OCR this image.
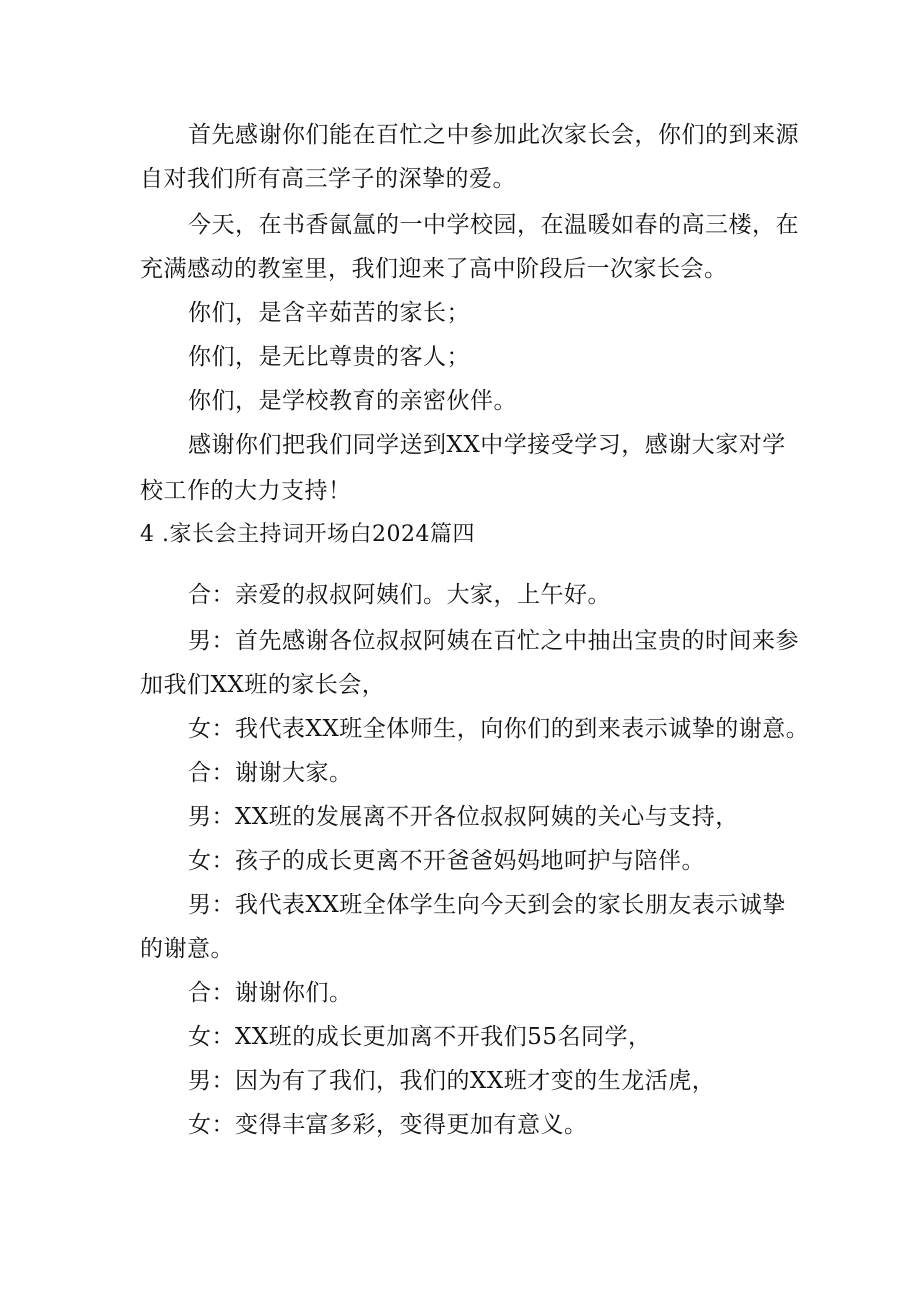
首先感谢你们能在百忙之中参加此次家长会，你们的到来源
自对我们所有高三学子的深挚的爱。
今天，在书香氤氲的一中学校园，在温暖如春的高三楼，在
充满感动的教室里，我们迎来了高中阶段后一次家长会。
你们，是含辛茹苦的家长；
你们，是无比尊贵的客人；
你们，是学校教育的亲密伙伴。
感谢你们把我们同学送到XX中学接受学习，感谢大家对学
校工作的大力支持！
4 .家长会主持词开场白2024篇四
合：亲爱的叔叔阿姨们。大家，上午好。
男：首先感谢各位叔叔阿姨在百忙之中抽出宝贵的时间来参
加我们XX班的家长会，
女：我代表XX班全体师生，向你们的到来表示诚挚的谢意。
合：谢谢大家。
男：XX班的发展离不开各位叔叔阿姨的关心与支持，
女：孩子的成长更离不开爸爸妈妈地呵护与陪伴。
男：我代表XX班全体学生向今天到会的家长朋友表示诚挚
的谢意。
合：谢谢你们。
女：XX班的成长更加离不开我们55名同学，
男：因为有了我们，我们的XX班才变的生龙活虎，
女：变得丰富多彩，变得更加有意义。
